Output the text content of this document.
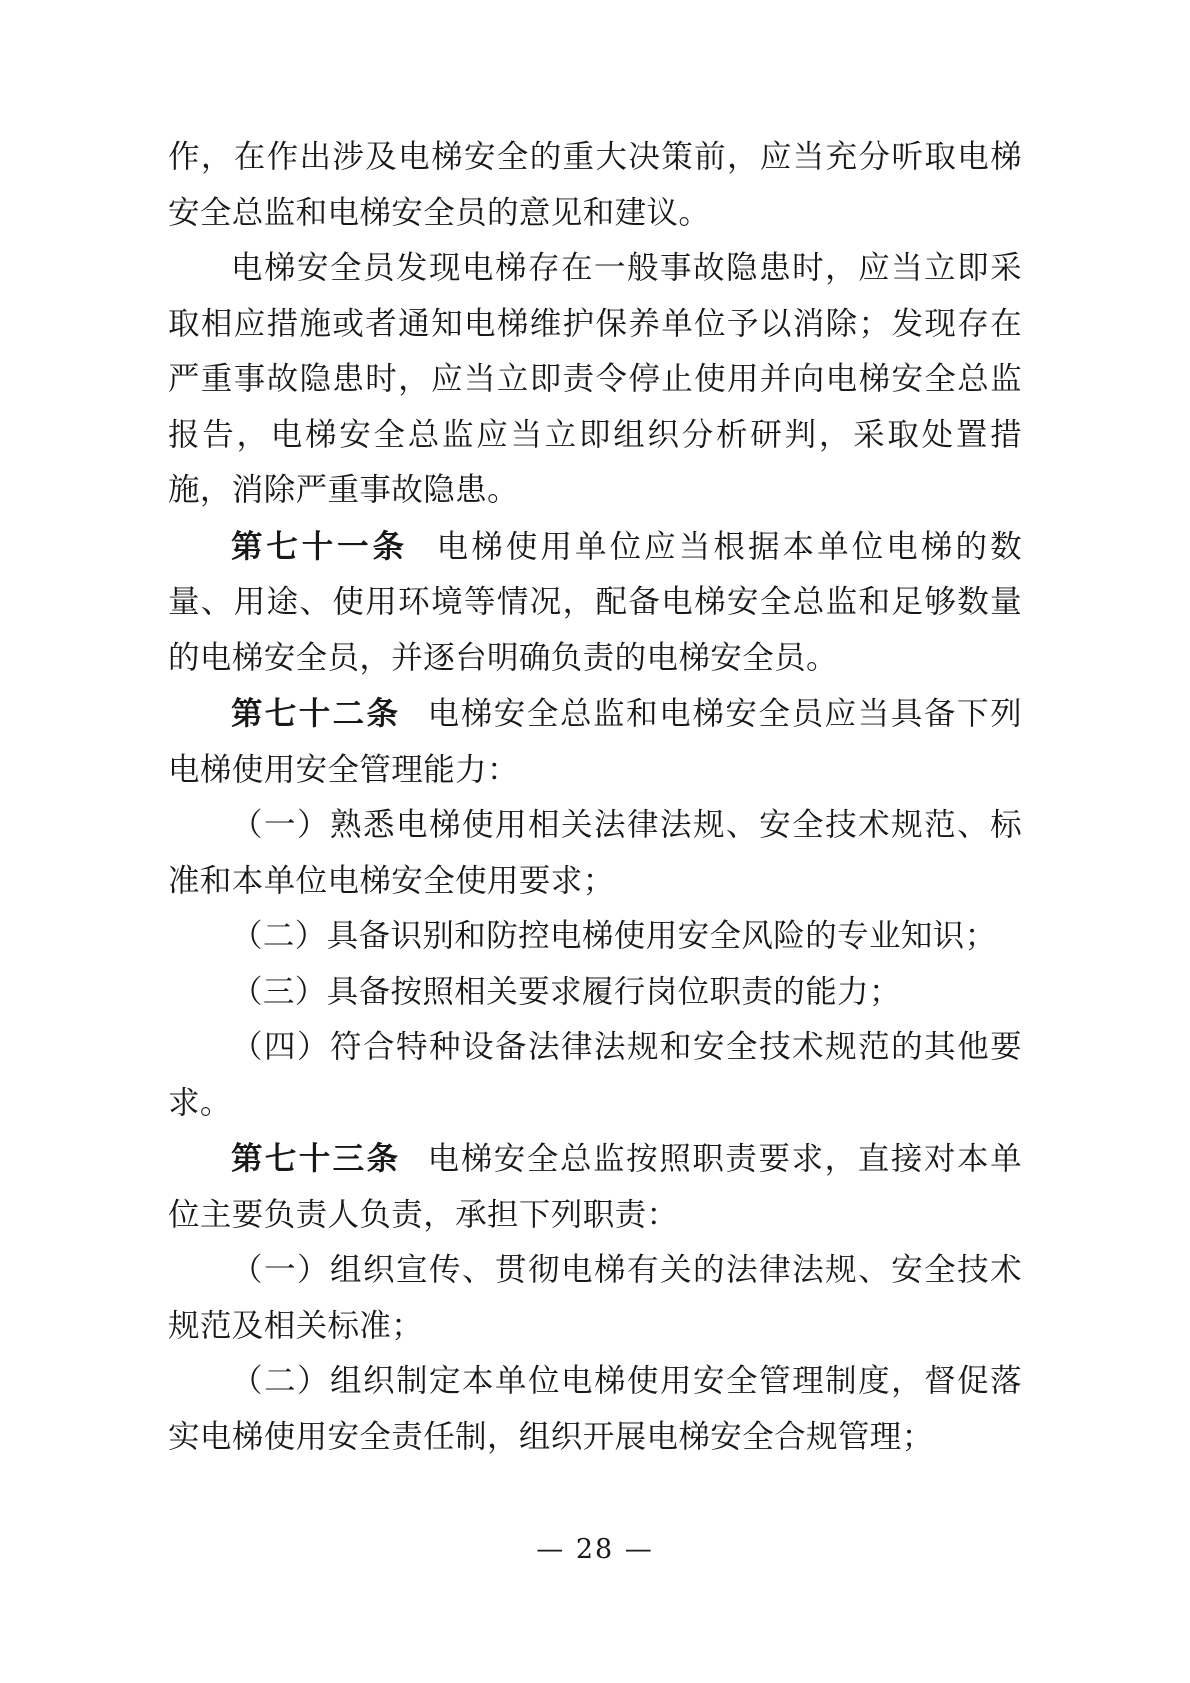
作，在作出涉及电梯安全的重大决策前，应当充分听取电梯安全总监和电梯安全员的意见和建议。

电梯安全员发现电梯存在一般事故隐患时，应当立即采取相应措施或者通知电梯维护保养单位予以消除；发现存在严重事故隐患时，应当立即责令停止使用并向电梯安全总监报告，电梯安全总监应当立即组织分析研判，采取处置措施，消除严重事故隐患。

第七十一条 电梯使用单位应当根据本单位电梯的数量、用途、使用环境等情况，配备电梯安全总监和足够数量的电梯安全员，并逐台明确负责的电梯安全员。

第七十二条 电梯安全总监和电梯安全员应当具备下列电梯使用安全管理能力：

（一）熟悉电梯使用相关法律法规、安全技术规范、标准和本单位电梯安全使用要求；

（二）具备识别和防控电梯使用安全风险的专业知识；

（三）具备按照相关要求履行岗位职责的能力；

（四）符合特种设备法律法规和安全技术规范的其他要求。

第七十三条 电梯安全总监按照职责要求，直接对本单位主要负责人负责，承担下列职责：

（一）组织宣传、贯彻电梯有关的法律法规、安全技术规范及相关标准；

（二）组织制定本单位电梯使用安全管理制度，督促落实电梯使用安全责任制，组织开展电梯安全合规管理；

— 28 —
